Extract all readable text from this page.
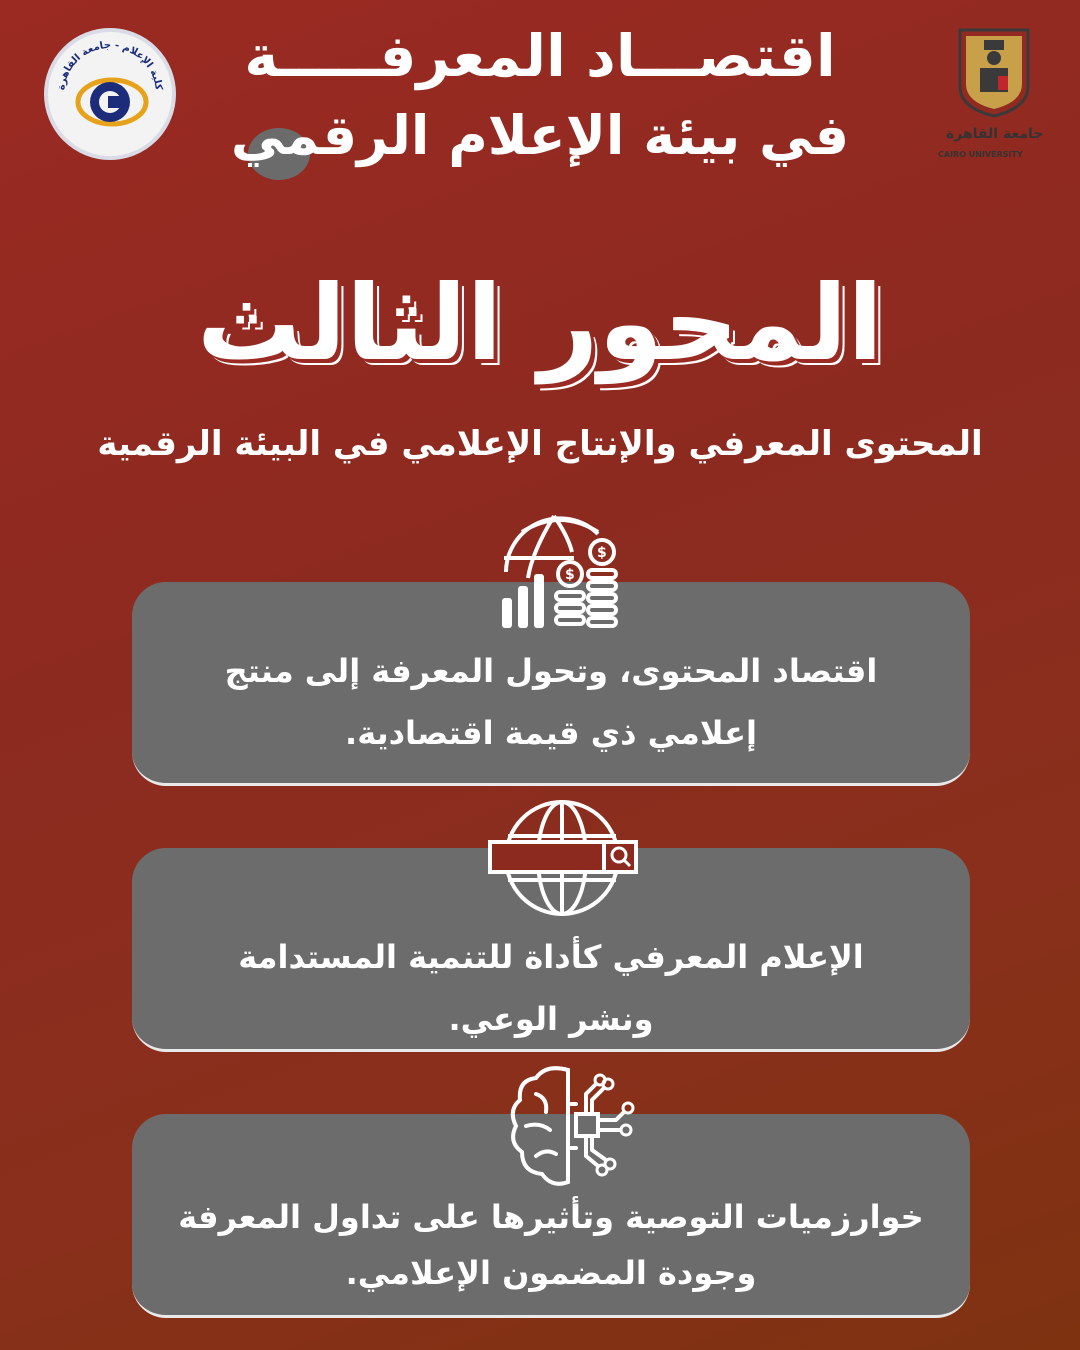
كلية الإعلام - جامعة القاهرة
جامعة القاهرة
CAIRO UNIVERSITY
اقتصـــاد المعرفـــــة
في بيئة الإعلام الرقمي
المحور الثالث
المحتوى المعرفي والإنتاج الإعلامي في البيئة الرقمية
اقتصاد المحتوى، وتحول المعرفة إلى منتج
إعلامي ذي قيمة اقتصادية.
$
$
الإعلام المعرفي كأداة للتنمية المستدامة
ونشر الوعي.
خوارزميات التوصية وتأثيرها على تداول المعرفة
وجودة المضمون الإعلامي.
